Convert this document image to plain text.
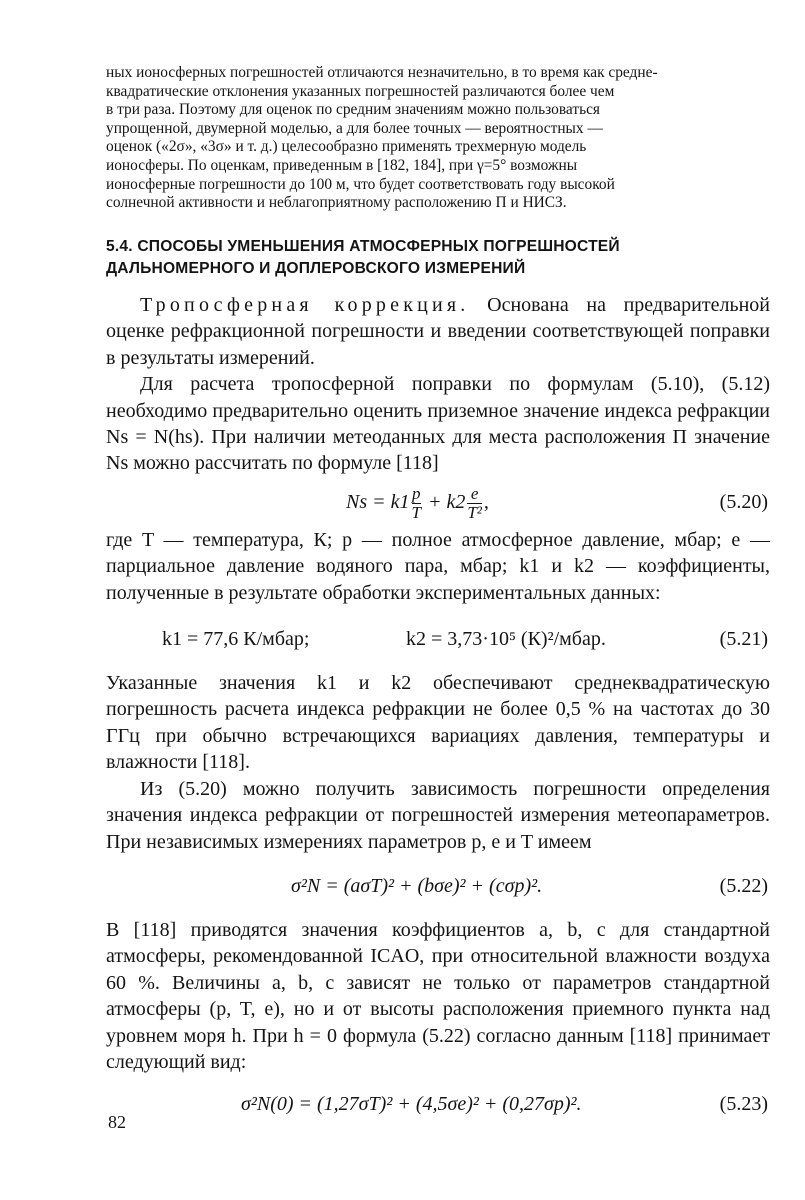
ных ионосферных погрешностей отличаются незначительно, в то время как средне-

квадратические отклонения указанных погрешностей различаются более чем

в три раза. Поэтому для оценок по средним значениям можно пользоваться

упрощенной, двумерной моделью, а для более точных — вероятностных —

оценок («2σ», «3σ» и т. д.) целесообразно применять трехмерную модель

ионосферы. По оценкам, приведенным в [182, 184], при γ=5° возможны

ионосферные погрешности до 100 м, что будет соответствовать году высокой

солнечной активности и неблагоприятному расположению П и НИСЗ.

5.4. СПОСОБЫ УМЕНЬШЕНИЯ АТМОСФЕРНЫХ ПОГРЕШНОСТЕЙ
ДАЛЬНОМЕРНОГО И ДОПЛЕРОВСКОГО ИЗМЕРЕНИЙ

Тропосферная коррекция. Основана на предварительной оценке рефракционной погрешности и введении соответствующей поправки в результаты измерений.

Для расчета тропосферной поправки по формулам (5.10), (5.12) необходимо предварительно оценить приземное значение индекса рефракции Ns = N(hs). При наличии метеоданных для места расположения П значение Ns можно рассчитать по формуле [118]

$Ns = k1 \frac{p}{T} + k2 \frac{e}{\text{T²}}$ ,	(5.20)

где T — температура, К; p — полное атмосферное давление, мбар; e — парциальное давление водяного пара, мбар; k1 и k2 — коэффициенты, полученные в результате обработки экспериментальных данных:

k1 = 77,6 К/мбар;	k2 = 3,73·10⁵ (К)²/мбар.	(5.21)

Указанные значения k1 и k2 обеспечивают среднеквадратическую погрешность расчета индекса рефракции не более 0,5 % на частотах до 30 ГГц при обычно встречающихся вариациях давления, температуры и влажности [118].

Из (5.20) можно получить зависимость погрешности определения значения индекса рефракции от погрешностей измерения метеопараметров. При независимых измерениях параметров p, e и T имеем

σ²N = (aσT)² + (bσe)² + (cσp)².	(5.22)

В [118] приводятся значения коэффициентов a, b, c для стандартной атмосферы, рекомендованной ICAO, при относительной влажности воздуха 60 %. Величины a, b, c зависят не только от параметров стандартной атмосферы (p, T, e), но и от высоты расположения приемного пункта над уровнем моря h. При h = 0 формула (5.22) согласно данным [118] принимает следующий вид:

σ²N(0) = (1,27σT)² + (4,5σe)² + (0,27σp)².	(5.23)
82
